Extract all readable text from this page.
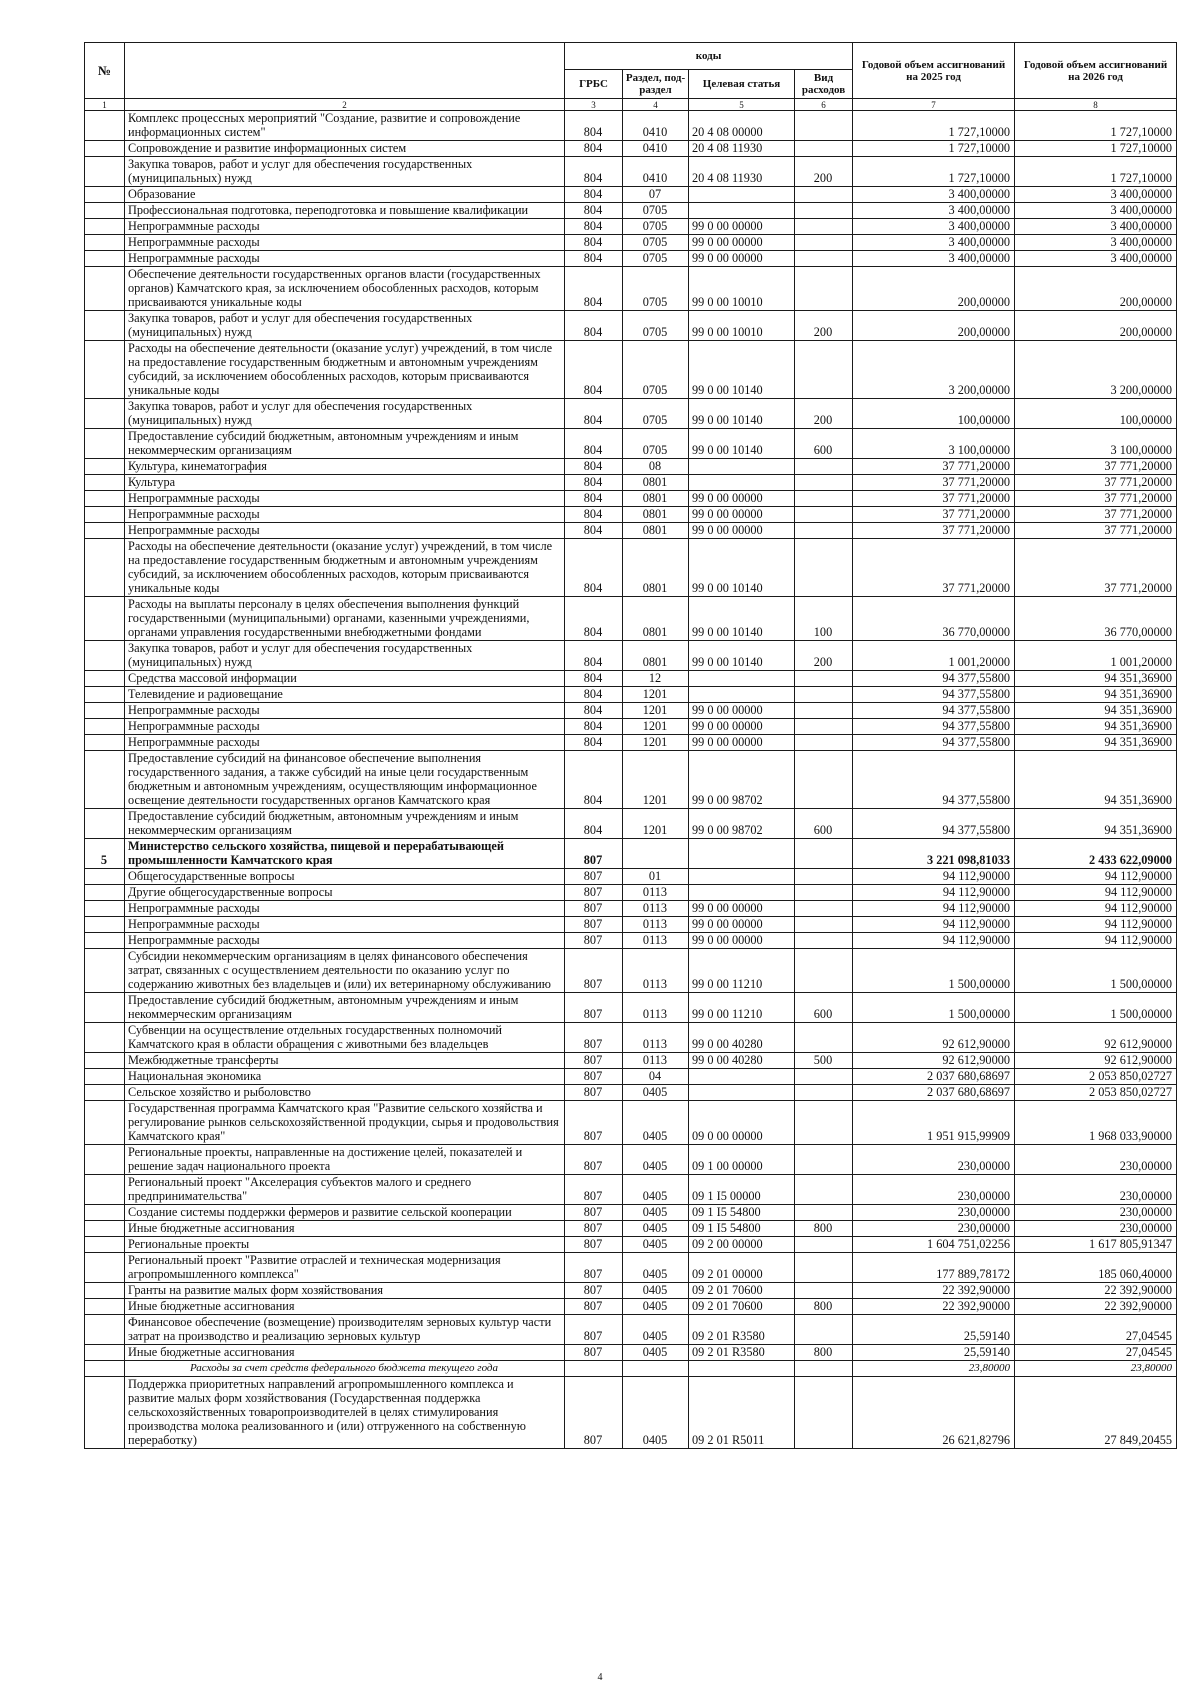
№		коды				Годовой объем ассигнований на 2025 год	Годовой объем ассигнований на 2026 год
		ГРБС	Раздел, под-раздел	Целевая статья	Вид расходов		
1	2	3	4	5	6	7	8
	Комплекс процессных мероприятий "Создание, развитие и сопровождение информационных систем"	804	0410	20 4 08 00000		1 727,10000	1 727,10000
	Сопровождение и развитие информационных систем	804	0410	20 4 08 11930		1 727,10000	1 727,10000
	Закупка товаров, работ и услуг для обеспечения государственных (муниципальных) нужд	804	0410	20 4 08 11930	200	1 727,10000	1 727,10000
	Образование	804	07			3 400,00000	3 400,00000
	Профессиональная подготовка, переподготовка и повышение квалификации	804	0705			3 400,00000	3 400,00000
	Непрограммные расходы	804	0705	99 0 00 00000		3 400,00000	3 400,00000
	Непрограммные расходы	804	0705	99 0 00 00000		3 400,00000	3 400,00000
	Непрограммные расходы	804	0705	99 0 00 00000		3 400,00000	3 400,00000
	Обеспечение деятельности государственных органов власти (государственных органов) Камчатского края, за исключением обособленных расходов, которым присваиваются уникальные коды	804	0705	99 0 00 10010		200,00000	200,00000
	Закупка товаров, работ и услуг для обеспечения государственных (муниципальных) нужд	804	0705	99 0 00 10010	200	200,00000	200,00000
	Расходы на обеспечение деятельности (оказание услуг) учреждений, в том числе на предоставление государственным бюджетным и автономным учреждениям субсидий, за исключением обособленных расходов, которым присваиваются уникальные коды	804	0705	99 0 00 10140		3 200,00000	3 200,00000
	Закупка товаров, работ и услуг для обеспечения государственных (муниципальных) нужд	804	0705	99 0 00 10140	200	100,00000	100,00000
	Предоставление субсидий бюджетным, автономным учреждениям и иным некоммерческим организациям	804	0705	99 0 00 10140	600	3 100,00000	3 100,00000
	Культура, кинематография	804	08			37 771,20000	37 771,20000
	Культура	804	0801			37 771,20000	37 771,20000
	Непрограммные расходы	804	0801	99 0 00 00000		37 771,20000	37 771,20000
	Непрограммные расходы	804	0801	99 0 00 00000		37 771,20000	37 771,20000
	Непрограммные расходы	804	0801	99 0 00 00000		37 771,20000	37 771,20000
	Расходы на обеспечение деятельности (оказание услуг) учреждений, в том числе на предоставление государственным бюджетным и автономным учреждениям субсидий, за исключением обособленных расходов, которым присваиваются уникальные коды	804	0801	99 0 00 10140		37 771,20000	37 771,20000
	Расходы на выплаты персоналу в целях обеспечения выполнения функций государственными (муниципальными) органами, казенными учреждениями, органами управления государственными внебюджетными фондами	804	0801	99 0 00 10140	100	36 770,00000	36 770,00000
	Закупка товаров, работ и услуг для обеспечения государственных (муниципальных) нужд	804	0801	99 0 00 10140	200	1 001,20000	1 001,20000
	Средства массовой информации	804	12			94 377,55800	94 351,36900
	Телевидение и радиовещание	804	1201			94 377,55800	94 351,36900
	Непрограммные расходы	804	1201	99 0 00 00000		94 377,55800	94 351,36900
	Непрограммные расходы	804	1201	99 0 00 00000		94 377,55800	94 351,36900
	Непрограммные расходы	804	1201	99 0 00 00000		94 377,55800	94 351,36900
	Предоставление субсидий на финансовое обеспечение выполнения государственного задания, а также субсидий на иные цели государственным бюджетным и автономным учреждениям, осуществляющим информационное освещение деятельности государственных органов Камчатского края	804	1201	99 0 00 98702		94 377,55800	94 351,36900
	Предоставление субсидий бюджетным, автономным учреждениям и иным некоммерческим организациям	804	1201	99 0 00 98702	600	94 377,55800	94 351,36900
5	Министерство сельского хозяйства, пищевой и перерабатывающей промышленности Камчатского края	807				3 221 098,81033	2 433 622,09000
	Общегосударственные вопросы	807	01			94 112,90000	94 112,90000
	Другие общегосударственные вопросы	807	0113			94 112,90000	94 112,90000
	Непрограммные расходы	807	0113	99 0 00 00000		94 112,90000	94 112,90000
	Непрограммные расходы	807	0113	99 0 00 00000		94 112,90000	94 112,90000
	Непрограммные расходы	807	0113	99 0 00 00000		94 112,90000	94 112,90000
	Субсидии некоммерческим организациям в целях финансового обеспечения затрат, связанных с осуществлением деятельности по оказанию услуг по содержанию животных без владельцев и (или) их ветеринарному обслуживанию	807	0113	99 0 00 11210		1 500,00000	1 500,00000
	Предоставление субсидий бюджетным, автономным учреждениям и иным некоммерческим организациям	807	0113	99 0 00 11210	600	1 500,00000	1 500,00000
	Субвенции на осуществление отдельных государственных полномочий Камчатского края в области обращения с животными без владельцев	807	0113	99 0 00 40280		92 612,90000	92 612,90000
	Межбюджетные трансферты	807	0113	99 0 00 40280	500	92 612,90000	92 612,90000
	Национальная экономика	807	04			2 037 680,68697	2 053 850,02727
	Сельское хозяйство и рыболовство	807	0405			2 037 680,68697	2 053 850,02727
	Государственная программа Камчатского края "Развитие сельского хозяйства и регулирование рынков сельскохозяйственной продукции, сырья и продовольствия Камчатского края"	807	0405	09 0 00 00000		1 951 915,99909	1 968 033,90000
	Региональные проекты, направленные на достижение целей, показателей и решение задач национального проекта	807	0405	09 1 00 00000		230,00000	230,00000
	Региональный проект "Акселерация субъектов малого и среднего предпринимательства"	807	0405	09 1 I5 00000		230,00000	230,00000
	Создание системы поддержки фермеров и развитие сельской кооперации	807	0405	09 1 I5 54800		230,00000	230,00000
	Иные бюджетные ассигнования	807	0405	09 1 I5 54800	800	230,00000	230,00000
	Региональные проекты	807	0405	09 2 00 00000		1 604 751,02256	1 617 805,91347
	Региональный проект "Развитие отраслей и техническая модернизация агропромышленного комплекса"	807	0405	09 2 01 00000		177 889,78172	185 060,40000
	Гранты на развитие малых форм хозяйствования	807	0405	09 2 01 70600		22 392,90000	22 392,90000
	Иные бюджетные ассигнования	807	0405	09 2 01 70600	800	22 392,90000	22 392,90000
	Финансовое обеспечение (возмещение) производителям зерновых культур части затрат на производство и реализацию зерновых культур	807	0405	09 2 01 R3580		25,59140	27,04545
	Иные бюджетные ассигнования	807	0405	09 2 01 R3580	800	25,59140	27,04545
	Расходы за счет средств федерального бюджета текущего года					23,80000	23,80000
	Поддержка приоритетных направлений агропромышленного комплекса и развитие малых форм хозяйствования (Государственная поддержка сельскохозяйственных товаропроизводителей в целях стимулирования производства молока реализованного и (или) отгруженного на собственную переработку)	807	0405	09 2 01 R5011		26 621,82796	27 849,20455
4
